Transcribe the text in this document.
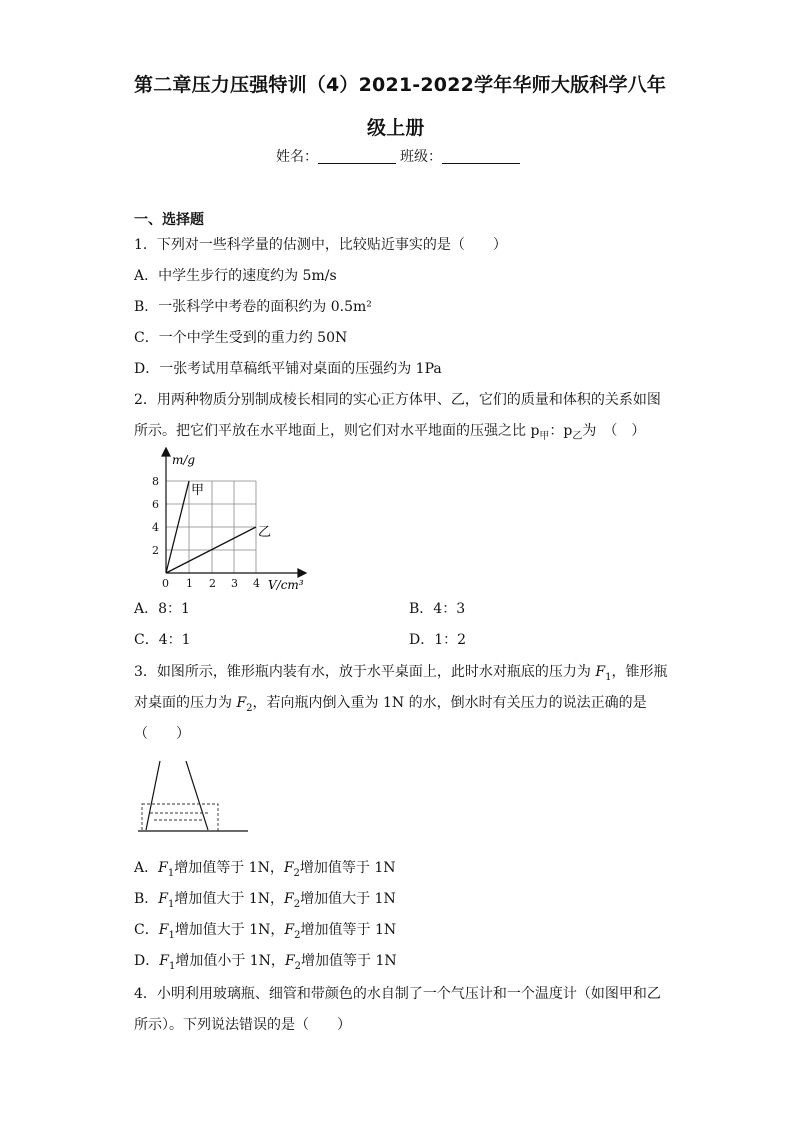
第二章压力压强特训（4）2021-2022学年华师大版科学八年
级上册
姓名：	班级：
一、选择题
1．下列对一些科学量的估测中，比较贴近事实的是（　　）
A．中学生步行的速度约为 5m/s
B．一张科学中考卷的面积约为 0.5m²
C．一个中学生受到的重力约 50N
D．一张考试用草稿纸平铺对桌面的压强约为 1Pa
2．用两种物质分别制成棱长相同的实心正方体甲、乙，它们的质量和体积的关系如图
所示。把它们平放在水平地面上，则它们对水平地面的压强之比 $p_甲$：$p_乙$为　（　）
m/g
V/cm³
8
6
4
2
0 1 2 3 4
甲
乙
A．8：1	B．4：3
C．4：1	D．1：2
3．如图所示，锥形瓶内装有水，放于水平桌面上，此时水对瓶底的压力为 $F_1$，锥形瓶
对桌面的压力为 $F_2$，若向瓶内倒入重为 1N 的水，倒水时有关压力的说法正确的是
（　　）
A．$F_1$增加值等于 1N，$F_2$增加值等于 1N
B．$F_1$增加值大于 1N，$F_2$增加值大于 1N
C．$F_1$增加值大于 1N，$F_2$增加值等于 1N
D．$F_1$增加值小于 1N，$F_2$增加值等于 1N
4．小明利用玻璃瓶、细管和带颜色的水自制了一个气压计和一个温度计（如图甲和乙
所示）。下列说法错误的是（　　）
